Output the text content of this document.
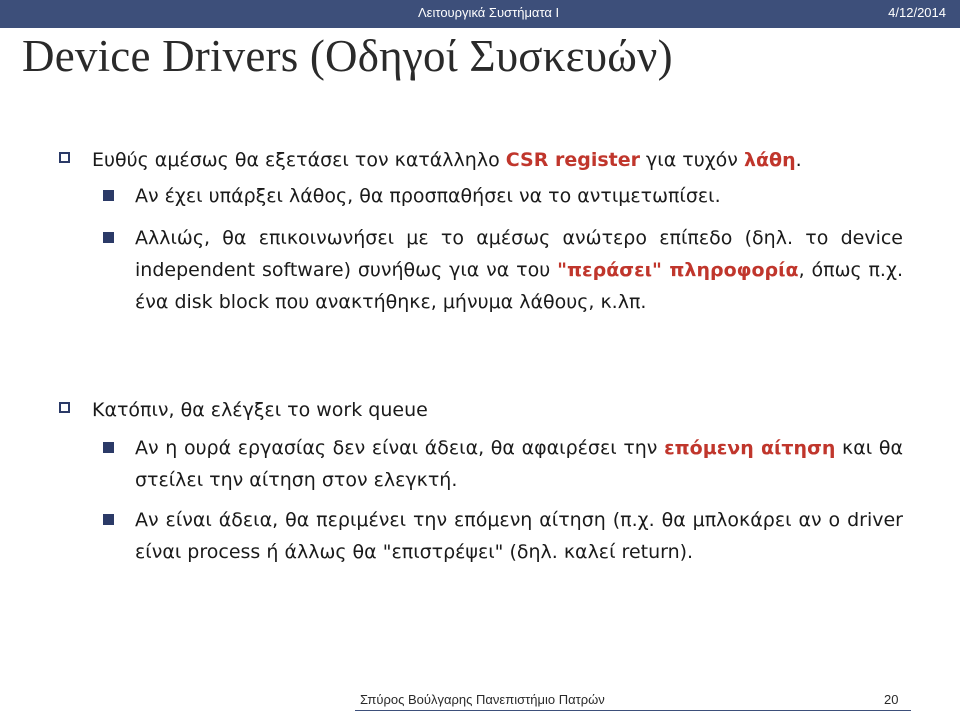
Λειτουργικά Συστήματα Ι	4/12/2014
Device Drivers (Οδηγοί Συσκευών)
Ευθύς αμέσως θα εξετάσει τον κατάλληλο CSR register για τυχόν λάθη.
Αν έχει υπάρξει λάθος, θα προσπαθήσει να το αντιμετωπίσει.
Αλλιώς, θα επικοινωνήσει με το αμέσως ανώτερο επίπεδο (δηλ. το device independent software) συνήθως για να του "περάσει" πληροφορία, όπως π.χ. ένα disk block που ανακτήθηκε, μήνυμα λάθους, κ.λπ.
Κατόπιν, θα ελέγξει το work queue
Αν η ουρά εργασίας δεν είναι άδεια, θα αφαιρέσει την επόμενη αίτηση και θα στείλει την αίτηση στον ελεγκτή.
Αν είναι άδεια, θα περιμένει την επόμενη αίτηση (π.χ. θα μπλοκάρει αν ο driver είναι process ή άλλως θα "επιστρέψει" (δηλ. καλεί return).
Σπύρος Βούλγαρης Πανεπιστήμιο Πατρών	20
